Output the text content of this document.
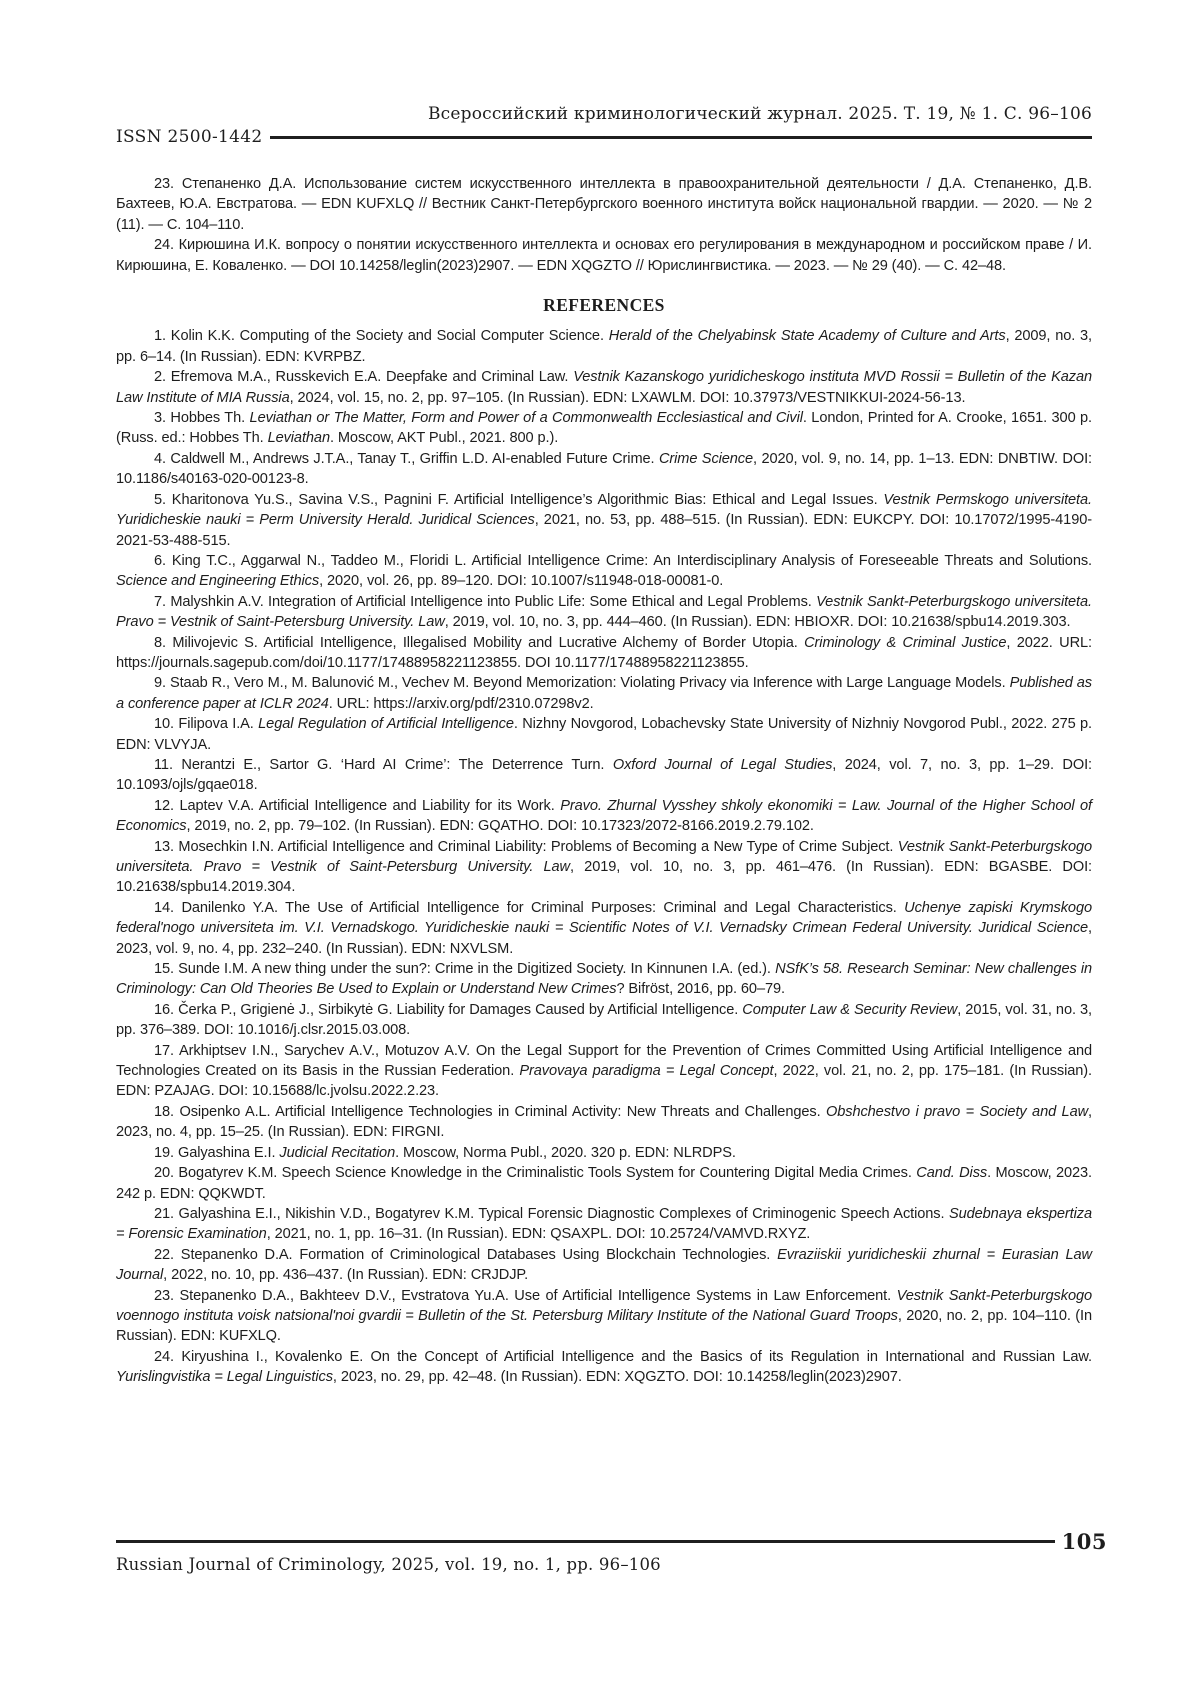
Всероссийский криминологический журнал. 2025. Т. 19, № 1. С. 96–106
ISSN 2500-1442

23. Степаненко Д.А. Использование систем искусственного интеллекта в правоохранительной деятельности / Д.А. Степаненко, Д.В. Бахтеев, Ю.А. Евстратова. — EDN KUFXLQ // Вестник Санкт-Петербургского военного института войск национальной гвардии. — 2020. — № 2 (11). — С. 104–110.

24. Кирюшина И.К. вопросу о понятии искусственного интеллекта и основах его регулирования в международном и российском праве / И. Кирюшина, Е. Коваленко. — DOI 10.14258/leglin(2023)2907. — EDN XQGZTO // Юрислингвистика. — 2023. — № 29 (40). — С. 42–48.

REFERENCES

1. Kolin K.K. Computing of the Society and Social Computer Science. Herald of the Chelyabinsk State Academy of Culture and Arts, 2009, no. 3, pp. 6–14. (In Russian). EDN: KVRPBZ.

2. Efremova M.A., Russkevich E.A. Deepfake and Criminal Law. Vestnik Kazanskogo yuridicheskogo instituta MVD Rossii = Bulletin of the Kazan Law Institute of MIA Russia, 2024, vol. 15, no. 2, pp. 97–105. (In Russian). EDN: LXAWLM. DOI: 10.37973/VESTNIKKUI-2024-56-13.

3. Hobbes Th. Leviathan or The Matter, Form and Power of a Commonwealth Ecclesiastical and Civil. London, Printed for A. Crooke, 1651. 300 p. (Russ. ed.: Hobbes Th. Leviathan. Moscow, AKT Publ., 2021. 800 p.).

4. Caldwell M., Andrews J.T.A., Tanay T., Griffin L.D. AI-enabled Future Crime. Crime Science, 2020, vol. 9, no. 14, pp. 1–13. EDN: DNBTIW. DOI: 10.1186/s40163-020-00123-8.

5. Kharitonova Yu.S., Savina V.S., Pagnini F. Artificial Intelligence’s Algorithmic Bias: Ethical and Legal Issues. Vestnik Permskogo universiteta. Yuridicheskie nauki = Perm University Herald. Juridical Sciences, 2021, no. 53, pp. 488–515. (In Russian). EDN: EUKCPY. DOI: 10.17072/1995-4190-2021-53-488-515.

6. King T.C., Aggarwal N., Taddeo M., Floridi L. Artificial Intelligence Crime: An Interdisciplinary Analysis of Foreseeable Threats and Solutions. Science and Engineering Ethics, 2020, vol. 26, pp. 89–120. DOI: 10.1007/s11948-018-00081-0.

7. Malyshkin A.V. Integration of Artificial Intelligence into Public Life: Some Ethical and Legal Problems. Vestnik Sankt-Peterburgskogo universiteta. Pravo = Vestnik of Saint-Petersburg University. Law, 2019, vol. 10, no. 3, pp. 444–460. (In Russian). EDN: HBIOXR. DOI: 10.21638/spbu14.2019.303.

8. Milivojevic S. Artificial Intelligence, Illegalised Mobility and Lucrative Alchemy of Border Utopia. Criminology & Criminal Justice, 2022. URL: https://journals.sagepub.com/doi/10.1177/17488958221123855. DOI 10.1177/17488958221123855.

9. Staab R., Vero M., M. Balunović M., Vechev M. Beyond Memorization: Violating Privacy via Inference with Large Language Models. Published as a conference paper at ICLR 2024. URL: https://arxiv.org/pdf/2310.07298v2.

10. Filipova I.A. Legal Regulation of Artificial Intelligence. Nizhny Novgorod, Lobachevsky State University of Nizhniy Novgorod Publ., 2022. 275 p. EDN: VLVYJA.

11. Nerantzi E., Sartor G. ‘Hard AI Crime’: The Deterrence Turn. Oxford Journal of Legal Studies, 2024, vol. 7, no. 3, pp. 1–29. DOI: 10.1093/ojls/gqae018.

12. Laptev V.A. Artificial Intelligence and Liability for its Work. Pravo. Zhurnal Vysshey shkoly ekonomiki = Law. Journal of the Higher School of Economics, 2019, no. 2, pp. 79–102. (In Russian). EDN: GQATHO. DOI: 10.17323/2072-8166.2019.2.79.102.

13. Mosechkin I.N. Artificial Intelligence and Criminal Liability: Problems of Becoming a New Type of Crime Subject. Vestnik Sankt-Peterburgskogo universiteta. Pravo = Vestnik of Saint-Petersburg University. Law, 2019, vol. 10, no. 3, pp. 461–476. (In Russian). EDN: BGASBE. DOI: 10.21638/spbu14.2019.304.

14. Danilenko Y.A. The Use of Artificial Intelligence for Criminal Purposes: Criminal and Legal Characteristics. Uchenye zapiski Krymskogo federal'nogo universiteta im. V.I. Vernadskogo. Yuridicheskie nauki = Scientific Notes of V.I. Vernadsky Crimean Federal University. Juridical Science, 2023, vol. 9, no. 4, pp. 232–240. (In Russian). EDN: NXVLSM.

15. Sunde I.M. A new thing under the sun?: Crime in the Digitized Society. In Kinnunen I.A. (ed.). NSfK’s 58. Research Seminar: New challenges in Criminology: Can Old Theories Be Used to Explain or Understand New Crimes? Bifröst, 2016, pp. 60–79.

16. Čerka P., Grigienė J., Sirbikytė G. Liability for Damages Caused by Artificial Intelligence. Computer Law & Security Review, 2015, vol. 31, no. 3, pp. 376–389. DOI: 10.1016/j.clsr.2015.03.008.

17. Arkhiptsev I.N., Sarychev A.V., Motuzov A.V. On the Legal Support for the Prevention of Crimes Committed Using Artificial Intelligence and Technologies Created on its Basis in the Russian Federation. Pravovaya paradigma = Legal Concept, 2022, vol. 21, no. 2, pp. 175–181. (In Russian). EDN: PZAJAG. DOI: 10.15688/lc.jvolsu.2022.2.23.

18. Osipenko A.L. Artificial Intelligence Technologies in Criminal Activity: New Threats and Challenges. Obshchestvo i pravo = Society and Law, 2023, no. 4, pp. 15–25. (In Russian). EDN: FIRGNI.

19. Galyashina E.I. Judicial Recitation. Moscow, Norma Publ., 2020. 320 p. EDN: NLRDPS.

20. Bogatyrev K.M. Speech Science Knowledge in the Criminalistic Tools System for Countering Digital Media Crimes. Cand. Diss. Moscow, 2023. 242 p. EDN: QQKWDT.

21. Galyashina E.I., Nikishin V.D., Bogatyrev K.M. Typical Forensic Diagnostic Complexes of Criminogenic Speech Actions. Sudebnaya ekspertiza = Forensic Examination, 2021, no. 1, pp. 16–31. (In Russian). EDN: QSAXPL. DOI: 10.25724/VAMVD.RXYZ.

22. Stepanenko D.A. Formation of Criminological Databases Using Blockchain Technologies. Evraziiskii yuridicheskii zhurnal = Eurasian Law Journal, 2022, no. 10, pp. 436–437. (In Russian). EDN: CRJDJP.

23. Stepanenko D.A., Bakhteev D.V., Evstratova Yu.A. Use of Artificial Intelligence Systems in Law Enforcement. Vestnik Sankt-Peterburgskogo voennogo instituta voisk natsional'noi gvardii = Bulletin of the St. Petersburg Military Institute of the National Guard Troops, 2020, no. 2, pp. 104–110. (In Russian). EDN: KUFXLQ.

24. Kiryushina I., Kovalenko E. On the Concept of Artificial Intelligence and the Basics of its Regulation in International and Russian Law. Yurislingvistika = Legal Linguistics, 2023, no. 29, pp. 42–48. (In Russian). EDN: XQGZTO. DOI: 10.14258/leglin(2023)2907.

105
Russian Journal of Criminology, 2025, vol. 19, no. 1, pp. 96–106
